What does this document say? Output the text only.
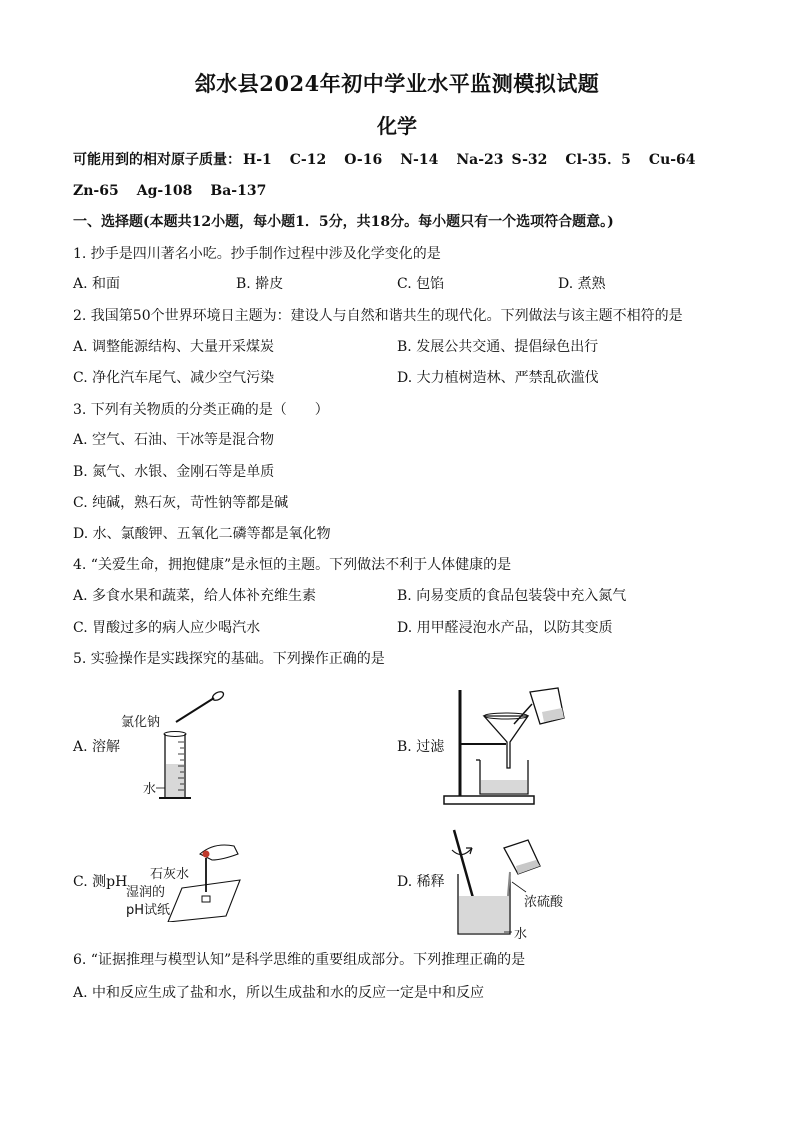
郐水县2024年初中学业水平监测模拟试题
化学
可能用到的相对原子质量： H-1 C-12 O-16 N-14 Na-23 S-32 Cl-35．5 Cu-64
Zn-65 Ag-108 Ba-137
一、选择题(本题共12小题，每小题1．5分，共18分。每小题只有一个选项符合题意。)
1. 抄手是四川著名小吃。抄手制作过程中涉及化学变化的是
A. 和面	B. 擀皮	C. 包馅	D. 煮熟
2. 我国第50个世界环境日主题为：建设人与自然和谐共生的现代化。下列做法与该主题不相符的是
A. 调整能源结构、大量开采煤炭	B. 发展公共交通、提倡绿色出行
C. 净化汽车尾气、减少空气污染	D. 大力植树造林、严禁乱砍滥伐
3. 下列有关物质的分类正确的是（　　）
A. 空气、石油、干冰等是混合物
B. 氮气、水银、金刚石等是单质
C. 纯碱，熟石灰，苛性钠等都是碱
D. 水、氯酸钾、五氧化二磷等都是氧化物
4. “关爱生命，拥抱健康”是永恒的主题。下列做法不利于人体健康的是
A. 多食水果和蔬菜，给人体补充维生素	B. 向易变质的食品包装袋中充入氮气
C. 胃酸过多的病人应少喝汽水	D. 用甲醛浸泡水产品，以防其变质
5. 实验操作是实践探究的基础。下列操作正确的是
A. 溶解
氯化钠
水
B. 过滤
C. 测pH 石灰水
湿润的
pH试纸
D. 稀释
浓硫酸
水
6. “证据推理与模型认知”是科学思维的重要组成部分。下列推理正确的是
A. 中和反应生成了盐和水，所以生成盐和水的反应一定是中和反应
